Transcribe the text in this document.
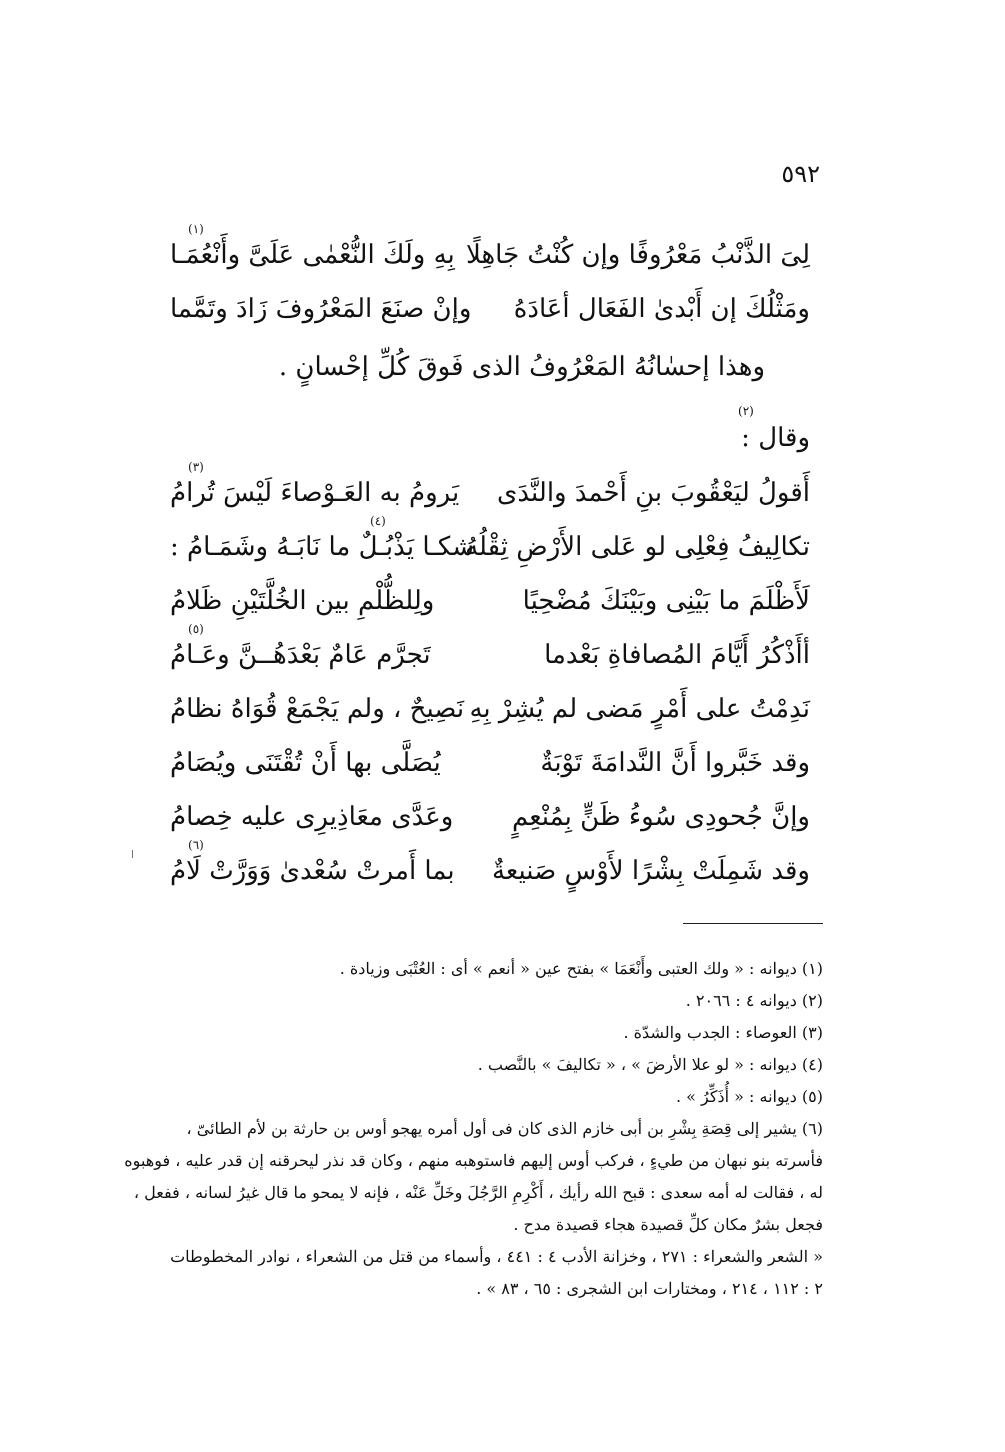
٥٩٢
لِىَ الذَّنْبُ مَعْرُوفًا وإن كُنْتُ جَاهِلًا
بِهِ ولَكَ النُّعْمٰى عَلَىَّ وأَنْعُمَـا
(١)
ومَثْلُكَ إن أَبْدىٰ الفَعَال أعَادَهُ
وإنْ صنَعَ المَعْرُوفَ زَادَ وتَمَّما
وهذا إحسٰانُهُ المَعْرُوفُ الذى فَوقَ كُلِّ إحْسانٍ .
وقال :
(٢)
أَقولُ ليَعْقُوبَ بنِ أَحْمدَ والنَّدَى
يَرومُ به العَـوْصاءَ لَيْسَ تُرامُ
(٣)
تكالِيفُ فِعْلِى لو عَلى الأَرْضِ ثِقْلُهُ
شكـا يَذْبُـلٌ ما نَابَـهُ وشَمَـامُ :
(٤)
لَأَظْلَمَ ما بَيْنِى وبَيْنَكَ مُضْحِيًا
ولِلظُّلْمِ بين الخُلَّتَيْنِ ظَلامُ
أأَذْكُرُ أَيَّامَ المُصافاةِ بَعْدما
تَجرَّم عَامٌ بَعْدَهُــنَّ وعَـامُ
(٥)
نَدِمْتُ على أَمْرٍ مَضى لم يُشِرْ بِهِ
نَصِيحٌ ، ولم يَجْمَعْ قُوَاهُ نظامُ
وقد خَبَّروا أَنَّ النَّدامَةَ تَوْبَةٌ
يُصَلَّى بها أَنْ تُقْتَنَى ويُصَامُ
وإنَّ جُحودِى سُوءُ ظَنٍّ بِمُنْعِمٍ
وعَدَّى معَاذِيرِى عليه خِصامُ
وقد شَمِلَتْ بِشْرًا لأَوْسٍ صَنيعةٌ
بما أَمرتْ سُعْدىٰ وَوَرَّتْ لَامُ
(٦)
(١) ديوانه : « ولك العتبى وأَنْعَمَا » بفتح عين « أنعم » أى : العُتْبَى وزيادة .
(٢) ديوانه ٤ : ٢٠٦٦ .
(٣) العوصاء : الجدب والشدّة .
(٤) ديوانه : « لو علا الأرضَ » ، « تكاليفَ » بالنَّصب .
(٥) ديوانه : « أُذَكِّرُ » .
(٦) يشير إلى قِصَةِ بِشْرِ بن أبى خازم الذى كان فى أول أمره يهجو أوس بن حارثة بن لأم الطائىّ ،
فأسرته بنو نبهان من طيءٍ ، فركب أوس إليهم فاستوهبه منهم ، وكان قد نذر ليحرقنه إن قدر عليه ، فوهبوه
له ، فقالت له أمه سعدى : قبح الله رأيك ، أَكْرِمِ الرَّجُلَ وخَلِّ عَنْه ، فإنه لا يمحو ما قال غيرُ لسانه ، ففعل ،
فجعل بشرٌ مكان كلِّ قصيدة هجاء قصيدة مدح .
« الشعر والشعراء : ٢٧١ ، وخزانة الأدب ٤ : ٤٤١ ، وأسماء من قتل من الشعراء ، نوادر المخطوطات
٢ : ١١٢ ، ٢١٤ ، ومختارات ابن الشجرى : ٦٥ ، ٨٣ » .
